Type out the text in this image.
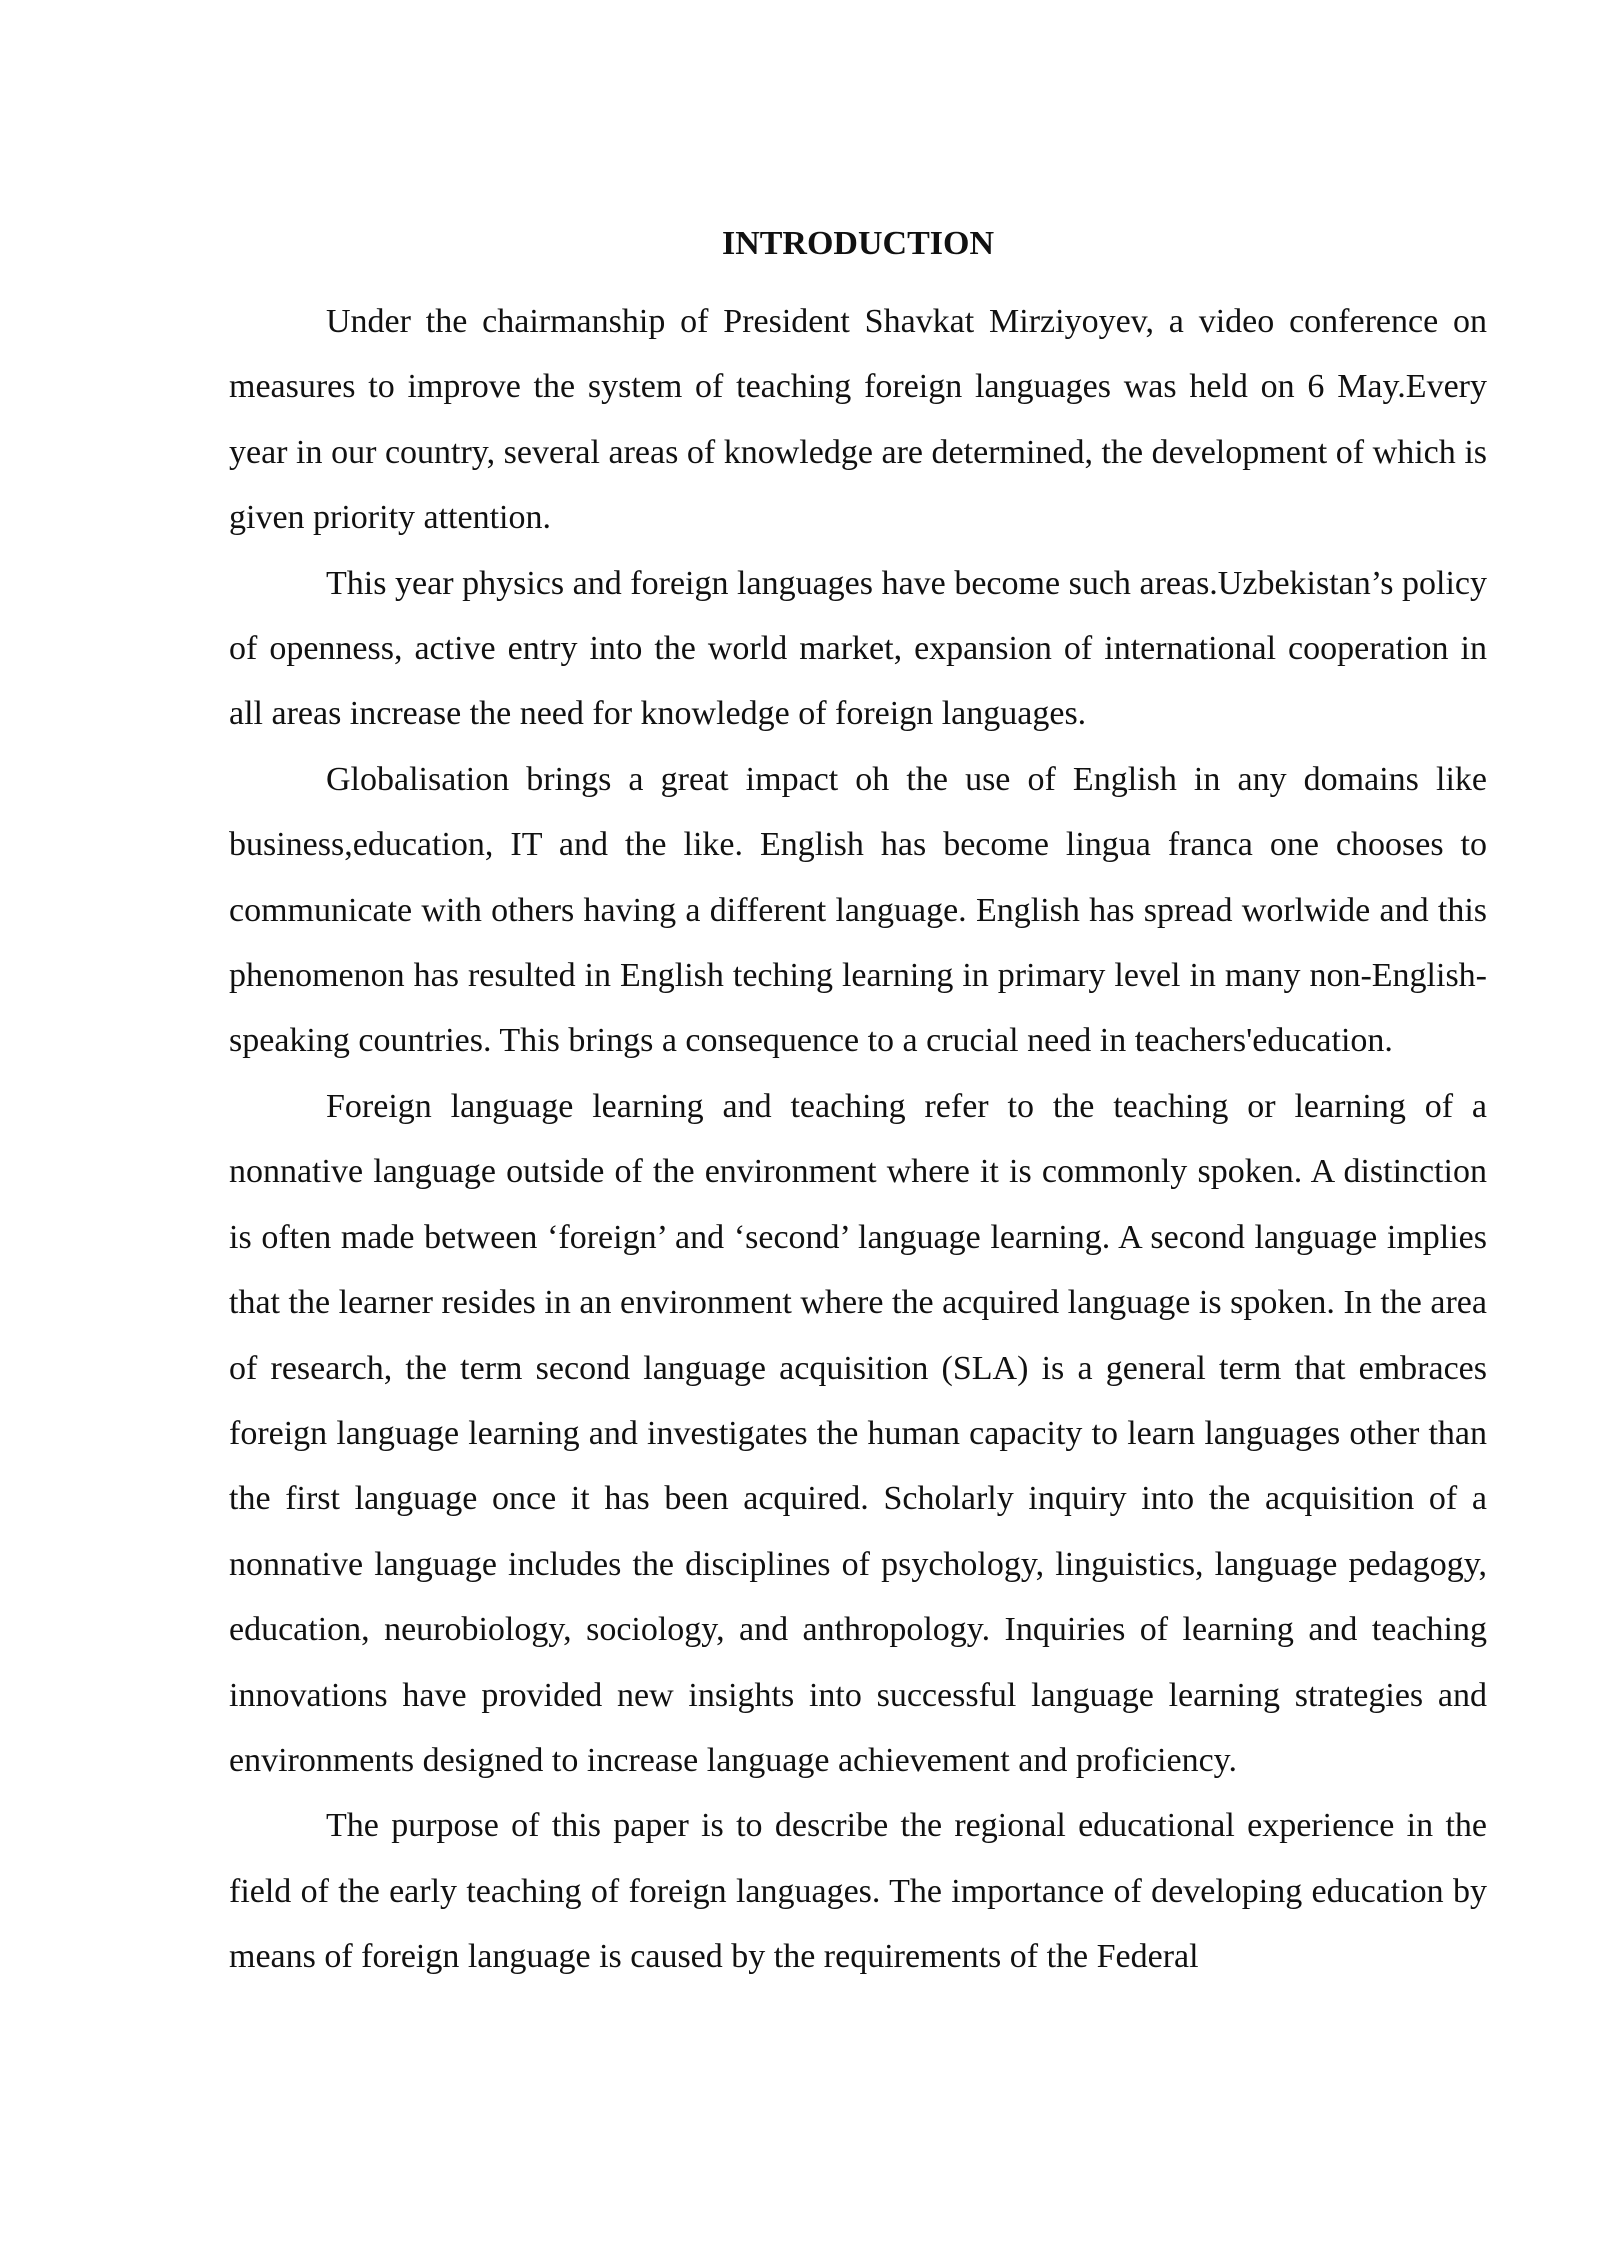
INTRODUCTION

Under the chairmanship of President Shavkat Mirziyoyev, a video conference on measures to improve the system of teaching foreign languages was held on 6 May.Every year in our country, several areas of knowledge are determined, the development of which is given priority attention.

This year physics and foreign languages have become such areas.Uzbekistan’s policy of openness, active entry into the world market, expansion of international cooperation in all areas increase the need for knowledge of foreign languages.

Globalisation brings a great impact oh the use of English in any domains like business,education, IT and the like. English has become lingua franca one chooses to communicate with others having a different language. English has spread worlwide and this phenomenon has resulted in English teching learning in primary level in many non-English-speaking countries. This brings a consequence to a crucial need in teachers'education.

Foreign language learning and teaching refer to the teaching or learning of a nonnative language outside of the environment where it is commonly spoken. A distinction is often made between ‘foreign’ and ‘second’ language learning. A second language implies that the learner resides in an environment where the acquired language is spoken. In the area of research, the term second language acquisition (SLA) is a general term that embraces foreign language learning and investigates the human capacity to learn languages other than the first language once it has been acquired. Scholarly inquiry into the acquisition of a nonnative language includes the disciplines of psychology, linguistics, language pedagogy, education, neurobiology, sociology, and anthropology. Inquiries of learning and teaching innovations have provided new insights into successful language learning strategies and environments designed to increase language achievement and proficiency.

The purpose of this paper is to describe the regional educational experience in the field of the early teaching of foreign languages. The importance of developing education by means of foreign language is caused by the requirements of the Federal
